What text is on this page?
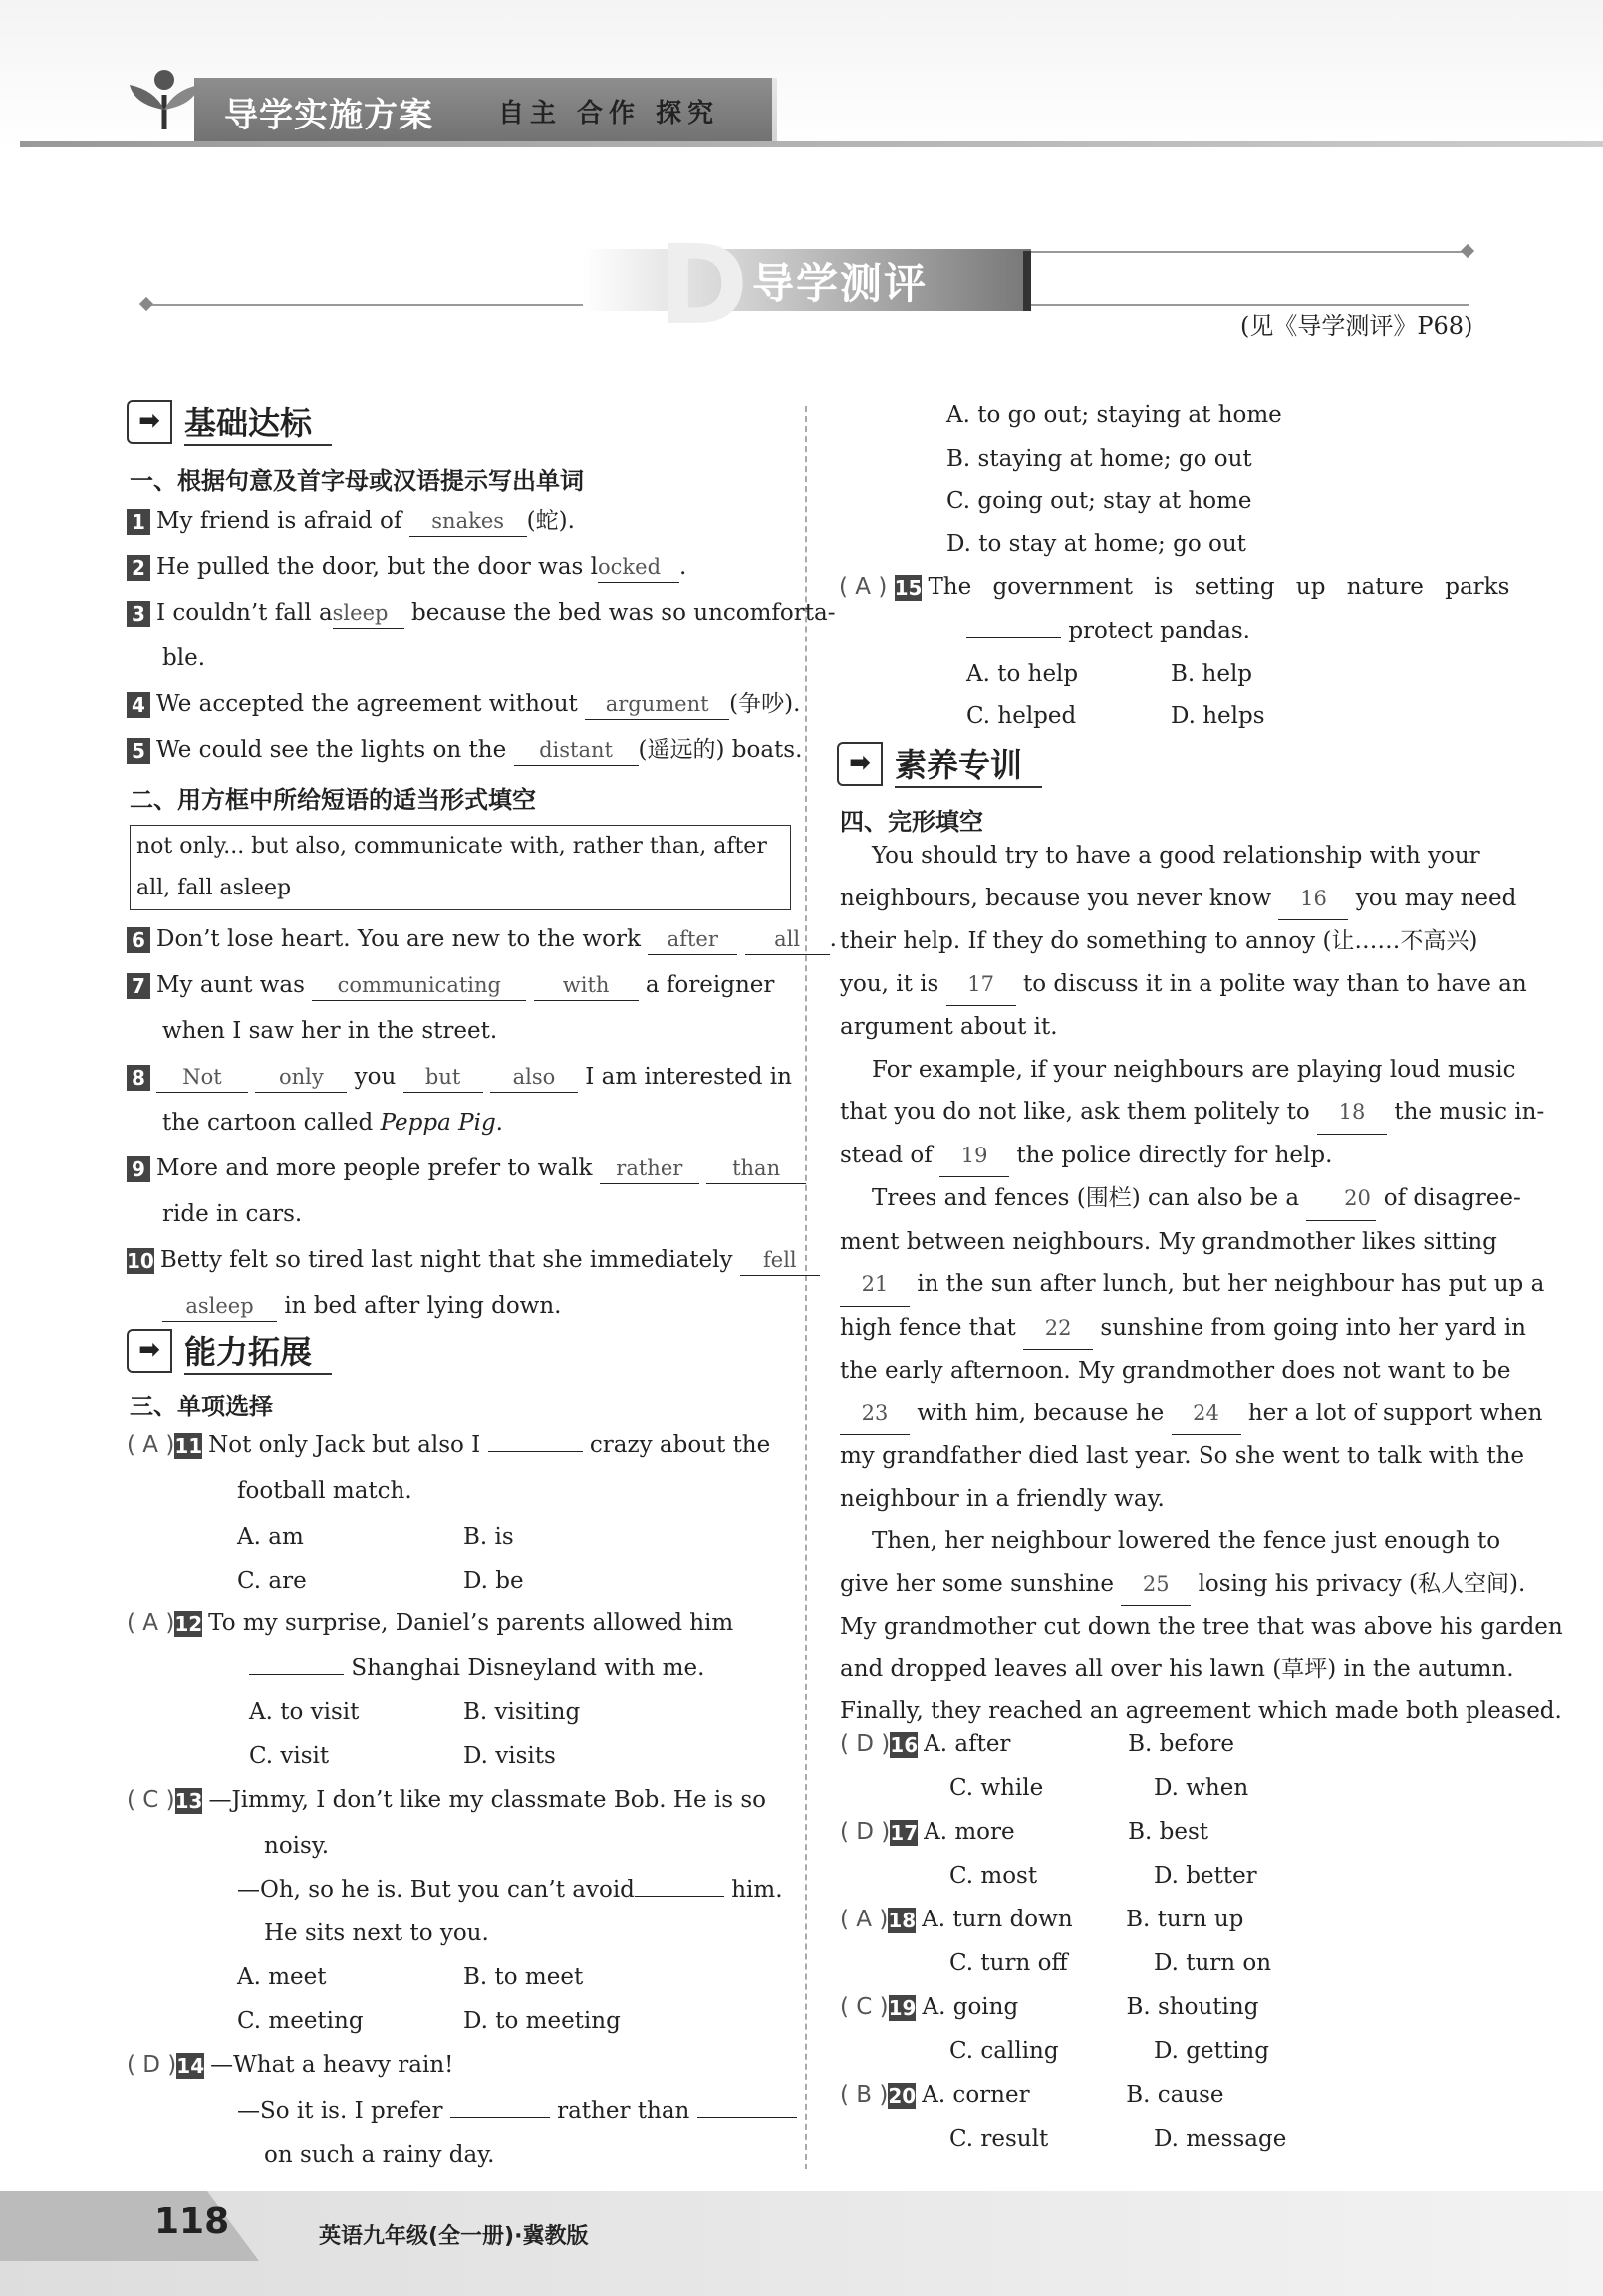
导学实施方案	自主 合作 探究
D 导学测评
(见《导学测评》P68)
➡ 基础达标
一、根据句意及首字母或汉语提示写出单词
1 My friend is afraid of snakes (蛇).
2 He pulled the door, but the door was locked .
3 I couldn’t fall asleep because the bed was so uncomforta-
ble.
4 We accepted the agreement without argument (争吵).
5 We could see the lights on the distant (遥远的) boats.
二、用方框中所给短语的适当形式填空
not only... but also, communicate with, rather than, after
all, fall asleep
6 Don’t lose heart. You are new to the work after	all .
7 My aunt was communicating	with a foreigner
when I saw her in the street.
8 Not	only you but also I am interested in
the cartoon called Peppa Pig.
9 More and more people prefer to walk rather than
ride in cars.
10 Betty felt so tired last night that she immediately fell
asleep in bed after lying down.
➡ 能力拓展
三、单项选择
( A )11 Not only Jack but also I	crazy about the
football match.
A. am	B. is
C. are	D. be
( A )12 To my surprise, Daniel’s parents allowed him
Shanghai Disneyland with me.
A. to visit	B. visiting
C. visit	D. visits
( C )13 —Jimmy, I don’t like my classmate Bob. He is so
noisy.
—Oh, so he is. But you can’t avoid	him.
He sits next to you.
A. meet	B. to meet
C. meeting	D. to meeting
( D )14 —What a heavy rain!
—So it is. I prefer	rather than
on such a rainy day.
A. to go out; staying at home
B. staying at home; go out
C. going out; stay at home
D. to stay at home; go out
( A ) 15 The government is setting up nature parks
protect pandas.
A. to help	B. help
C. helped	D. helps
➡ 素养专训
四、完形填空
You should try to have a good relationship with your
neighbours, because you never know 16 you may need
their help. If they do something to annoy (让……不高兴)
you, it is 17 to discuss it in a polite way than to have an
argument about it.
For example, if your neighbours are playing loud music
that you do not like, ask them politely to 18 the music in-
stead of 19 the police directly for help.
Trees and fences (围栏) can also be a 20 of disagree-
ment between neighbours. My grandmother likes sitting
21 in the sun after lunch, but her neighbour has put up a
high fence that 22 sunshine from going into her yard in
the early afternoon. My grandmother does not want to be
23 with him, because he 24 her a lot of support when
my grandfather died last year. So she went to talk with the
neighbour in a friendly way.
Then, her neighbour lowered the fence just enough to
give her some sunshine 25 losing his privacy (私人空间).
My grandmother cut down the tree that was above his garden
and dropped leaves all over his lawn (草坪) in the autumn.
Finally, they reached an agreement which made both pleased.
( D )16 A. after	B. before
C. while	D. when
( D )17 A. more	B. best
C. most	D. better
( A )18 A. turn down B. turn up
C. turn off	D. turn on
( C )19 A. going	B. shouting
C. calling	D. getting
( B )20 A. corner	B. cause
C. result	D. message
118	英语九年级(全一册)·冀教版
